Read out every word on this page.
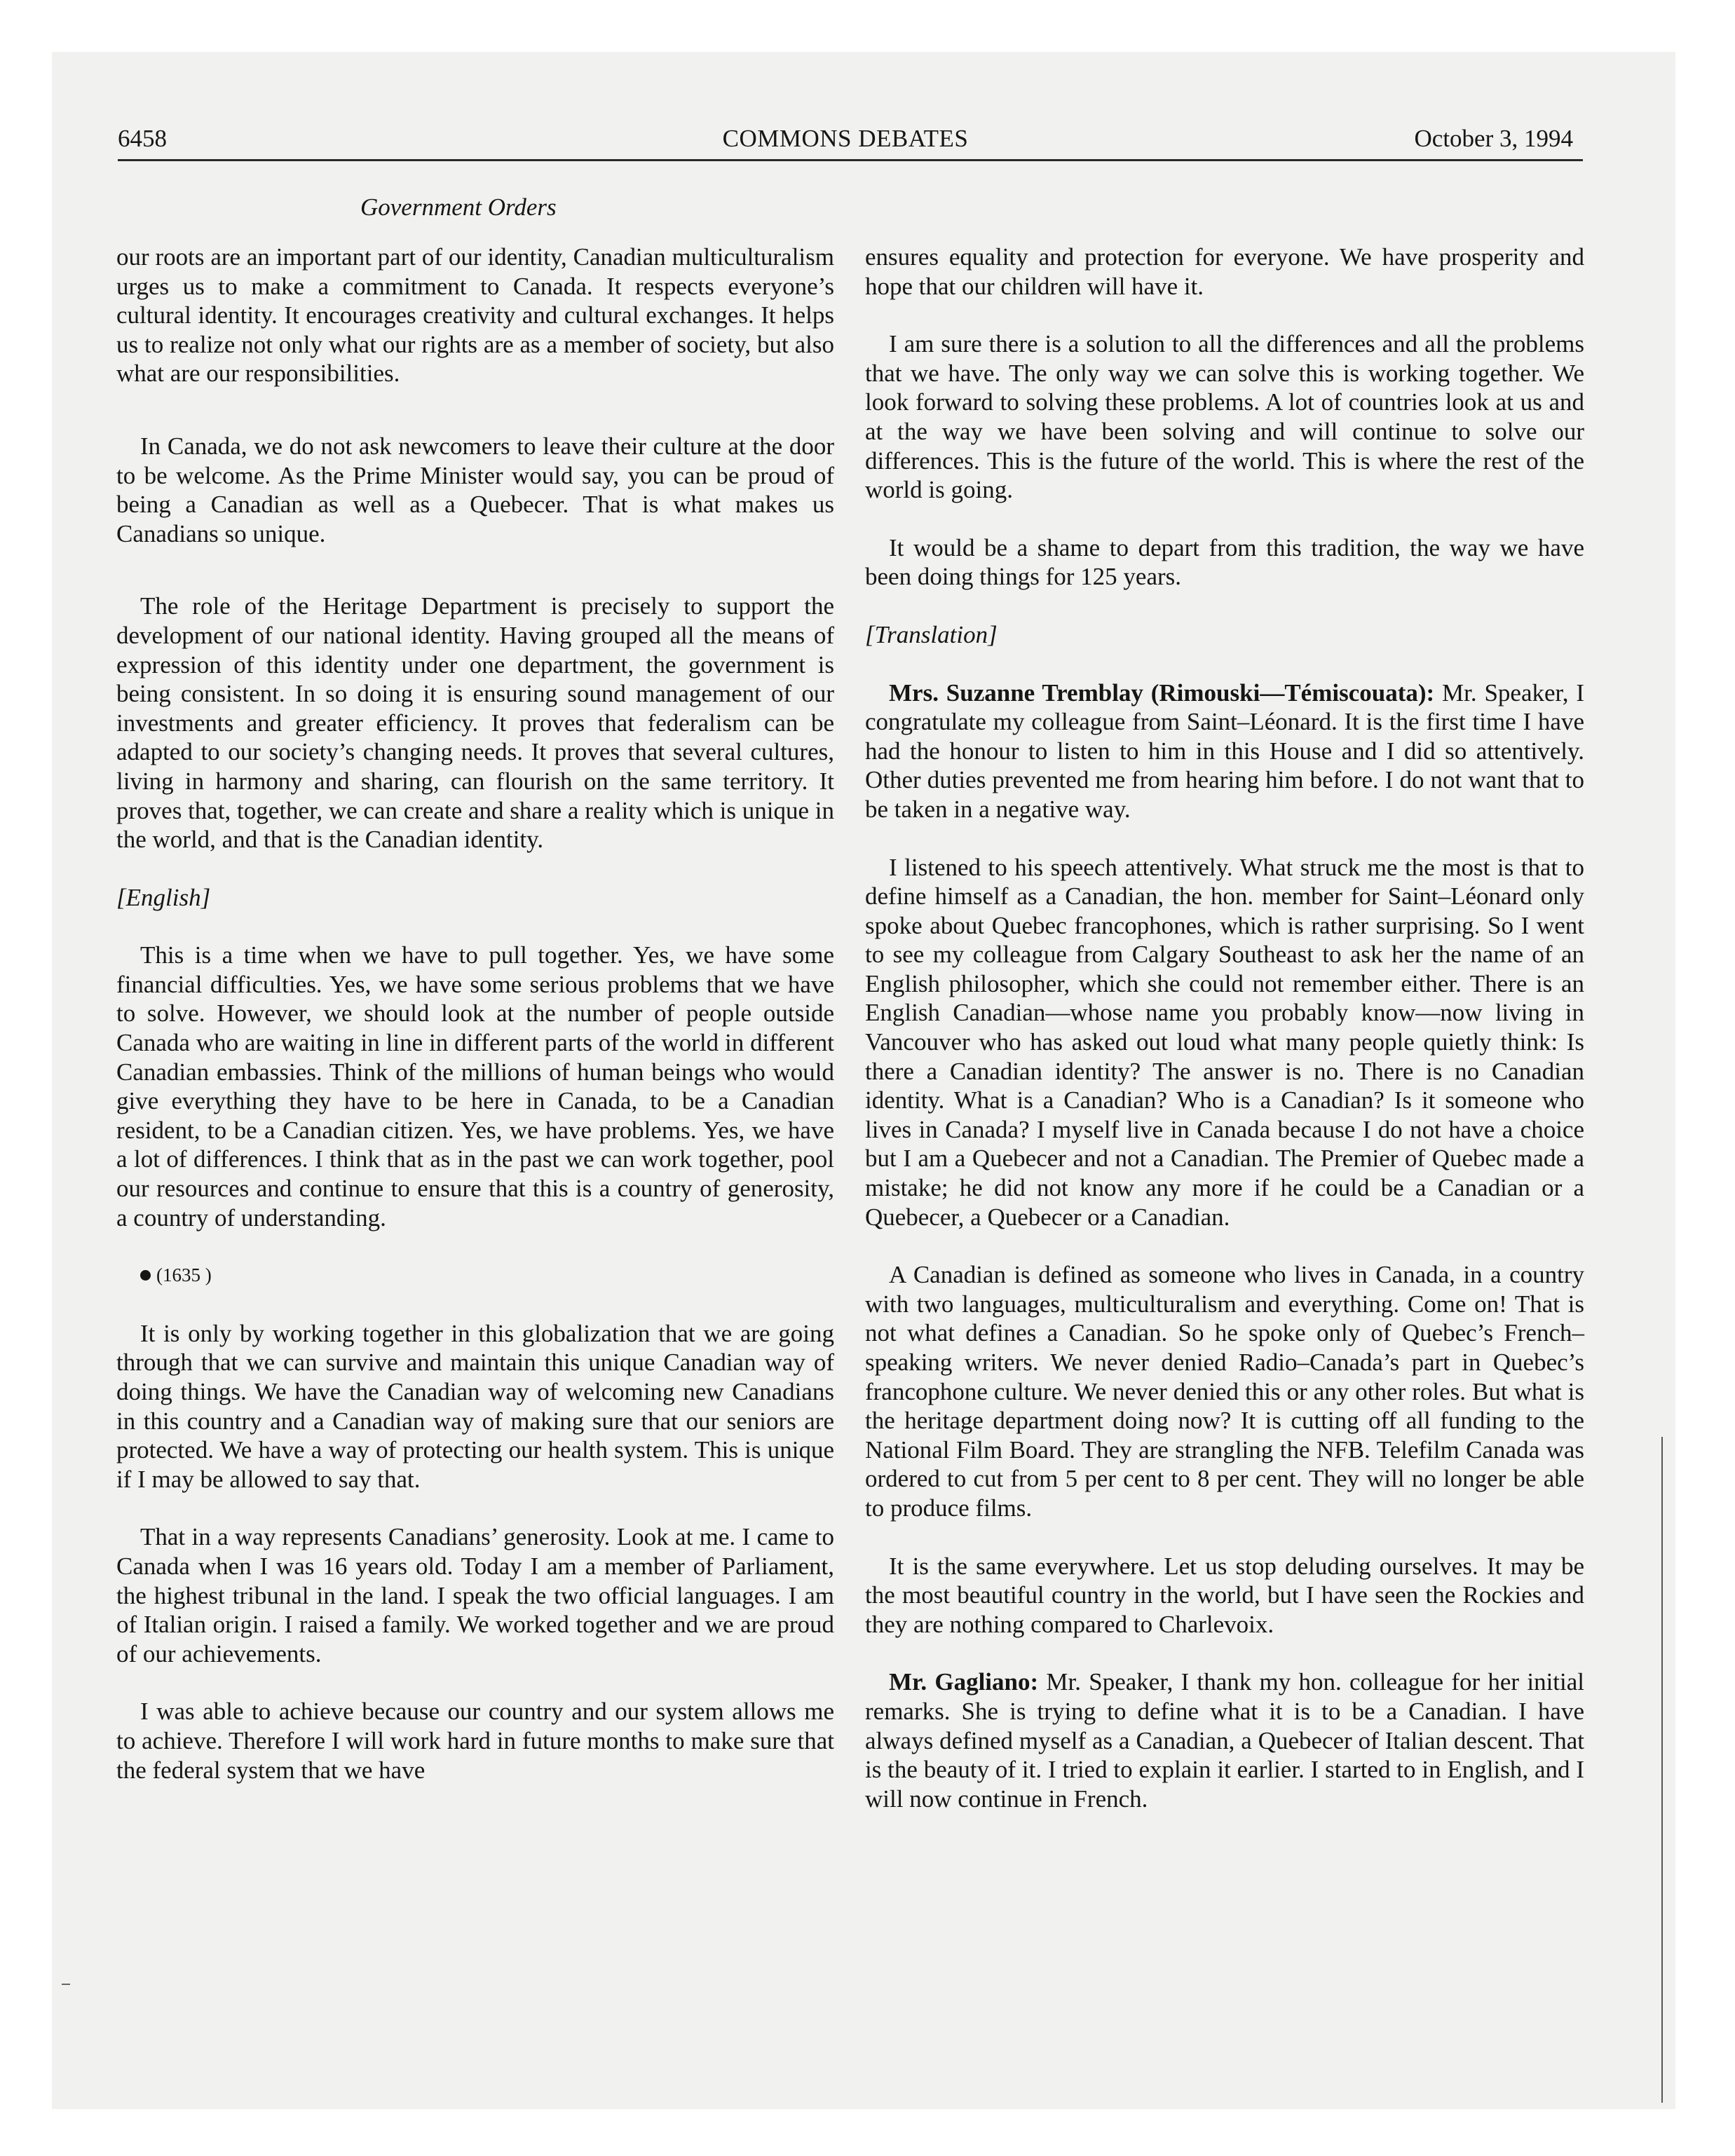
6458	COMMONS DEBATES	October 3, 1994
Government Orders

our roots are an important part of our identity, Canadian multiculturalism urges us to make a commitment to Canada. It respects everyone’s cultural identity. It encourages creativity and cultural exchanges. It helps us to realize not only what our rights are as a member of society, but also what are our responsibilities.

In Canada, we do not ask newcomers to leave their culture at the door to be welcome. As the Prime Minister would say, you can be proud of being a Canadian as well as a Quebecer. That is what makes us Canadians so unique.

The role of the Heritage Department is precisely to support the development of our national identity. Having grouped all the means of expression of this identity under one department, the government is being consistent. In so doing it is ensuring sound management of our investments and greater efficiency. It proves that federalism can be adapted to our society’s changing needs. It proves that several cultures, living in harmony and sharing, can flourish on the same territory. It proves that, together, we can create and share a reality which is unique in the world, and that is the Canadian identity.

[English]

This is a time when we have to pull together. Yes, we have some financial difficulties. Yes, we have some serious problems that we have to solve. However, we should look at the number of people outside Canada who are waiting in line in different parts of the world in different Canadian embassies. Think of the millions of human beings who would give everything they have to be here in Canada, to be a Canadian resident, to be a Canadian citizen. Yes, we have problems. Yes, we have a lot of differences. I think that as in the past we can work together, pool our resources and continue to ensure that this is a country of generosity, a country of understanding.

(1635 )

It is only by working together in this globalization that we are going through that we can survive and maintain this unique Canadian way of doing things. We have the Canadian way of welcoming new Canadians in this country and a Canadian way of making sure that our seniors are protected. We have a way of protecting our health system. This is unique if I may be allowed to say that.

That in a way represents Canadians’ generosity. Look at me. I came to Canada when I was 16 years old. Today I am a member of Parliament, the highest tribunal in the land. I speak the two official languages. I am of Italian origin. I raised a family. We worked together and we are proud of our achievements.

I was able to achieve because our country and our system allows me to achieve. Therefore I will work hard in future months to make sure that the federal system that we have

ensures equality and protection for everyone. We have prosperity and hope that our children will have it.

I am sure there is a solution to all the differences and all the problems that we have. The only way we can solve this is working together. We look forward to solving these problems. A lot of countries look at us and at the way we have been solving and will continue to solve our differences. This is the future of the world. This is where the rest of the world is going.

It would be a shame to depart from this tradition, the way we have been doing things for 125 years.

[Translation]

Mrs. Suzanne Tremblay (Rimouski—Témiscouata): Mr. Speaker, I congratulate my colleague from Saint–Léonard. It is the first time I have had the honour to listen to him in this House and I did so attentively. Other duties prevented me from hearing him before. I do not want that to be taken in a negative way.

I listened to his speech attentively. What struck me the most is that to define himself as a Canadian, the hon. member for Saint–Léonard only spoke about Quebec francophones, which is rather surprising. So I went to see my colleague from Calgary Southeast to ask her the name of an English philosopher, which she could not remember either. There is an English Canadian—whose name you probably know—now living in Vancouver who has asked out loud what many people quietly think: Is there a Canadian identity? The answer is no. There is no Canadian identity. What is a Canadian? Who is a Canadian? Is it someone who lives in Canada? I myself live in Canada because I do not have a choice but I am a Quebecer and not a Canadian. The Premier of Quebec made a mistake; he did not know any more if he could be a Canadian or a Quebecer, a Quebecer or a Canadian.

A Canadian is defined as someone who lives in Canada, in a country with two languages, multiculturalism and everything. Come on! That is not what defines a Canadian. So he spoke only of Quebec’s French–speaking writers. We never denied Radio–Canada’s part in Quebec’s francophone culture. We never denied this or any other roles. But what is the heritage department doing now? It is cutting off all funding to the National Film Board. They are strangling the NFB. Telefilm Canada was ordered to cut from 5 per cent to 8 per cent. They will no longer be able to produce films.

It is the same everywhere. Let us stop deluding ourselves. It may be the most beautiful country in the world, but I have seen the Rockies and they are nothing compared to Charlevoix.

Mr. Gagliano: Mr. Speaker, I thank my hon. colleague for her initial remarks. She is trying to define what it is to be a Canadian. I have always defined myself as a Canadian, a Quebecer of Italian descent. That is the beauty of it. I tried to explain it earlier. I started to in English, and I will now continue in French.
